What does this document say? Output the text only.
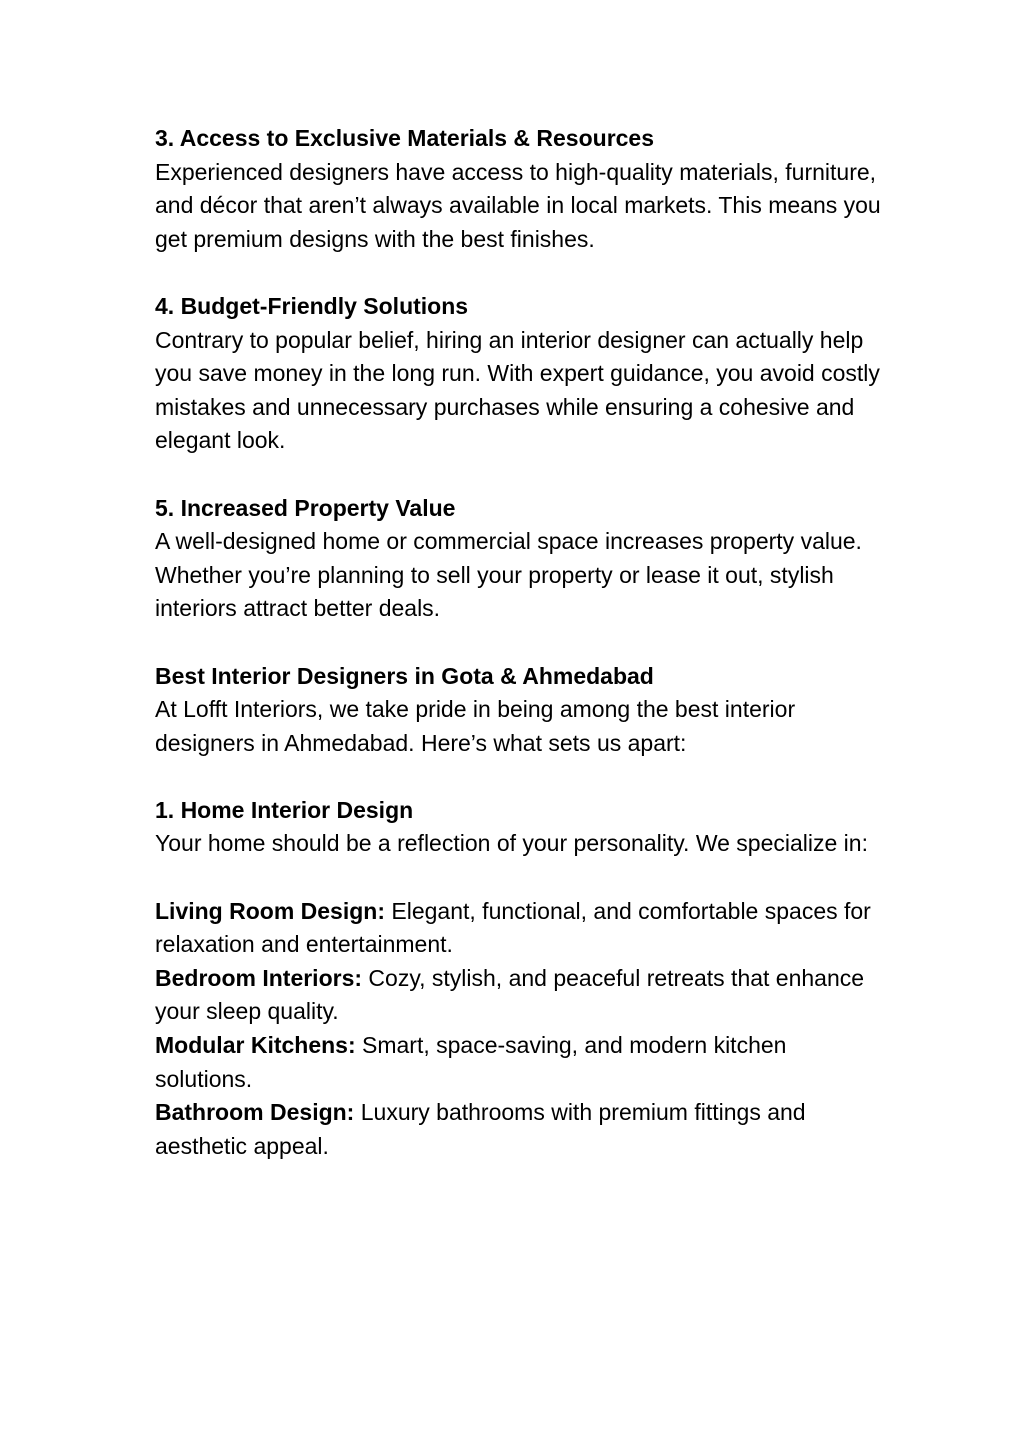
3. Access to Exclusive Materials & Resources

Experienced designers have access to high-quality materials, furniture, and décor that aren’t always available in local markets. This means you get premium designs with the best finishes.

4. Budget-Friendly Solutions

Contrary to popular belief, hiring an interior designer can actually help you save money in the long run. With expert guidance, you avoid costly mistakes and unnecessary purchases while ensuring a cohesive and elegant look.

5. Increased Property Value

A well-designed home or commercial space increases property value. Whether you’re planning to sell your property or lease it out, stylish interiors attract better deals.

Best Interior Designers in Gota & Ahmedabad

At Lofft Interiors, we take pride in being among the best interior designers in Ahmedabad. Here’s what sets us apart:

1. Home Interior Design

Your home should be a reflection of your personality. We specialize in:

Living Room Design: Elegant, functional, and comfortable spaces for relaxation and entertainment.

Bedroom Interiors: Cozy, stylish, and peaceful retreats that enhance your sleep quality.

Modular Kitchens: Smart, space-saving, and modern kitchen solutions.

Bathroom Design: Luxury bathrooms with premium fittings and aesthetic appeal.
